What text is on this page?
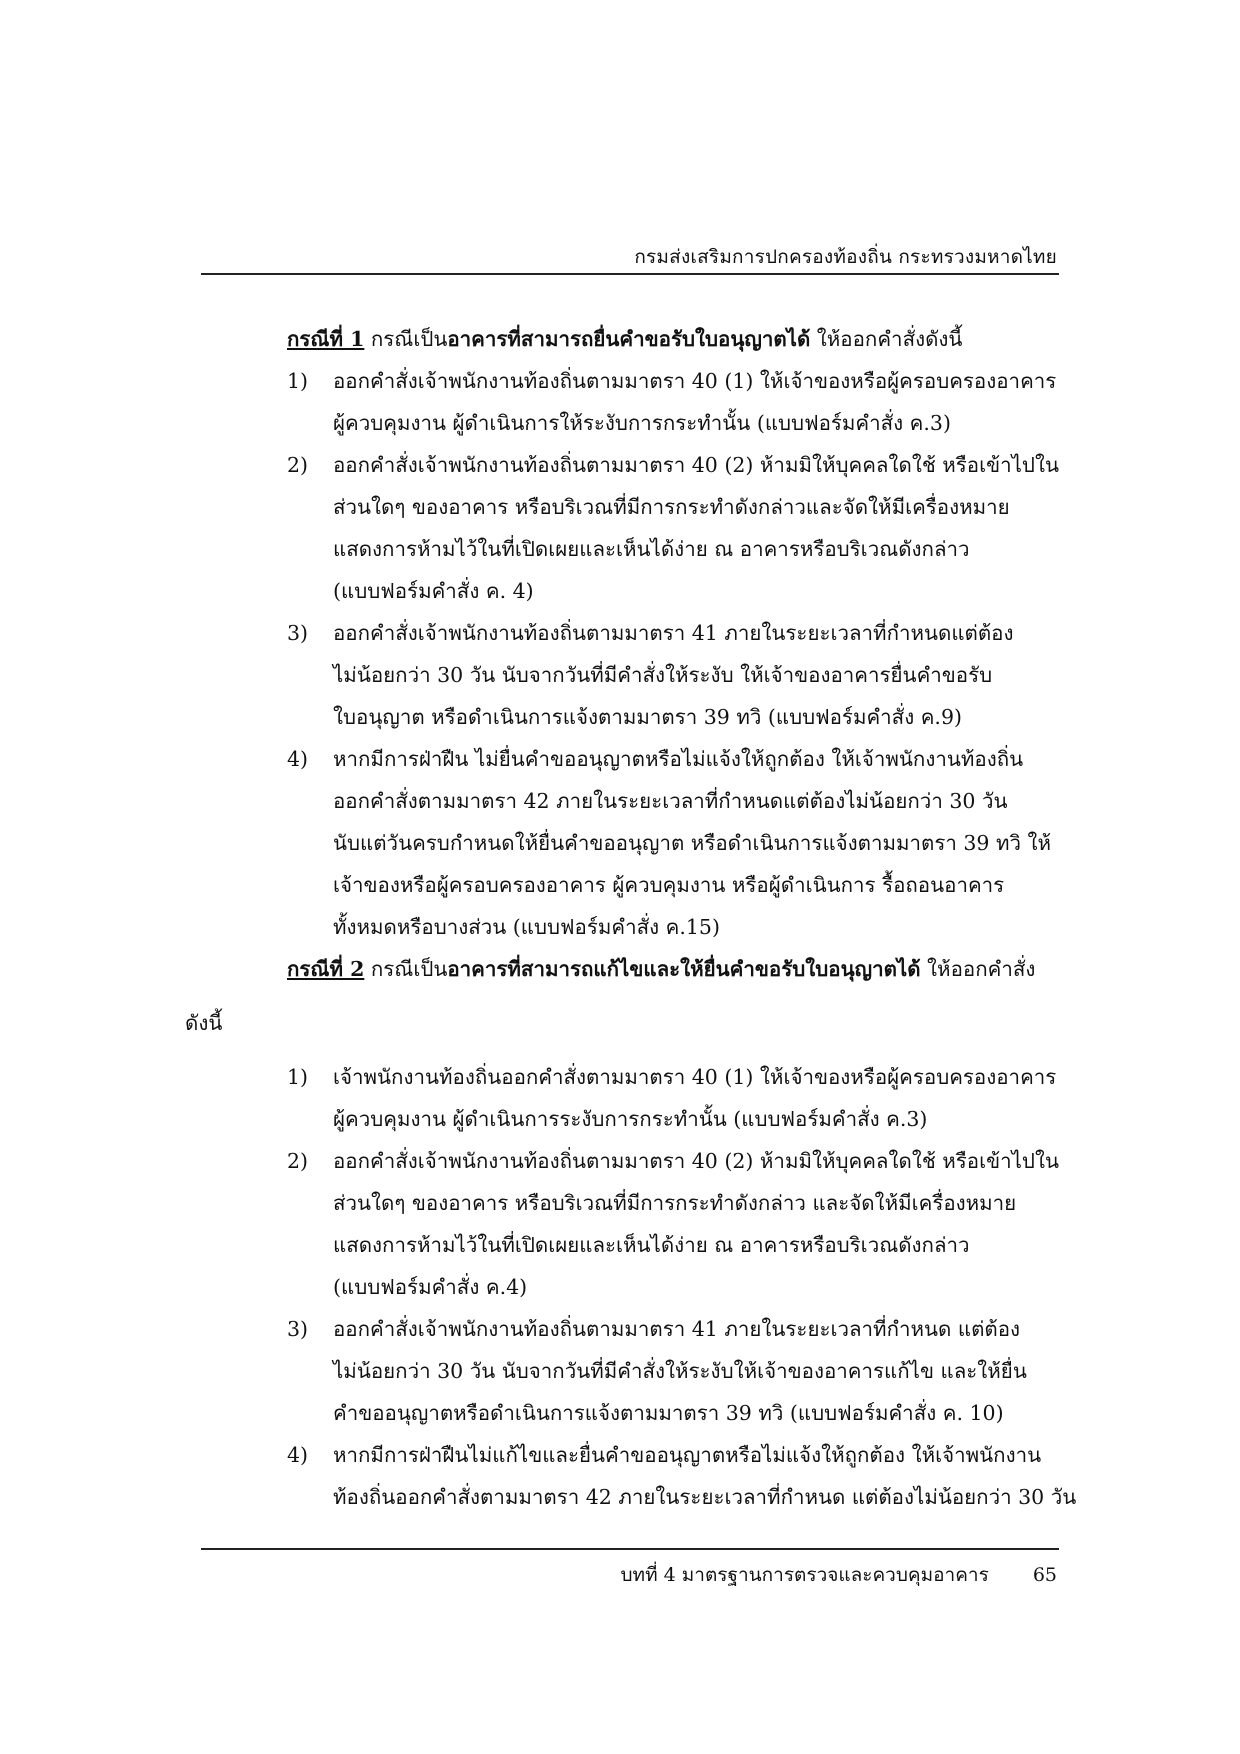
กรมส่งเสริมการปกครองท้องถิ่น กระทรวงมหาดไทย
กรณีที่ 1 กรณีเป็นอาคารที่สามารถยื่นคำขอรับใบอนุญาตได้ ให้ออกคำสั่งดังนี้
1) ออกคำสั่งเจ้าพนักงานท้องถิ่นตามมาตรา 40 (1) ให้เจ้าของหรือผู้ครอบครองอาคาร
ผู้ควบคุมงาน ผู้ดำเนินการให้ระงับการกระทำนั้น (แบบฟอร์มคำสั่ง ค.3)
2) ออกคำสั่งเจ้าพนักงานท้องถิ่นตามมาตรา 40 (2) ห้ามมิให้บุคคลใดใช้ หรือเข้าไปใน
ส่วนใดๆ ของอาคาร หรือบริเวณที่มีการกระทำดังกล่าวและจัดให้มีเครื่องหมาย
แสดงการห้ามไว้ในที่เปิดเผยและเห็นได้ง่าย ณ อาคารหรือบริเวณดังกล่าว
(แบบฟอร์มคำสั่ง ค. 4)
3) ออกคำสั่งเจ้าพนักงานท้องถิ่นตามมาตรา 41 ภายในระยะเวลาที่กำหนดแต่ต้อง
ไม่น้อยกว่า 30 วัน นับจากวันที่มีคำสั่งให้ระงับ ให้เจ้าของอาคารยื่นคำขอรับ
ใบอนุญาต หรือดำเนินการแจ้งตามมาตรา 39 ทวิ (แบบฟอร์มคำสั่ง ค.9)
4) หากมีการฝ่าฝืน ไม่ยื่นคำขออนุญาตหรือไม่แจ้งให้ถูกต้อง ให้เจ้าพนักงานท้องถิ่น
ออกคำสั่งตามมาตรา 42 ภายในระยะเวลาที่กำหนดแต่ต้องไม่น้อยกว่า 30 วัน
นับแต่วันครบกำหนดให้ยื่นคำขออนุญาต หรือดำเนินการแจ้งตามมาตรา 39 ทวิ ให้
เจ้าของหรือผู้ครอบครองอาคาร ผู้ควบคุมงาน หรือผู้ดำเนินการ รื้อถอนอาคาร
ทั้งหมดหรือบางส่วน (แบบฟอร์มคำสั่ง ค.15)
กรณีที่ 2 กรณีเป็นอาคารที่สามารถแก้ไขและให้ยื่นคำขอรับใบอนุญาตได้ ให้ออกคำสั่ง
ดังนี้
1) เจ้าพนักงานท้องถิ่นออกคำสั่งตามมาตรา 40 (1) ให้เจ้าของหรือผู้ครอบครองอาคาร
ผู้ควบคุมงาน ผู้ดำเนินการระงับการกระทำนั้น (แบบฟอร์มคำสั่ง ค.3)
2) ออกคำสั่งเจ้าพนักงานท้องถิ่นตามมาตรา 40 (2) ห้ามมิให้บุคคลใดใช้ หรือเข้าไปใน
ส่วนใดๆ ของอาคาร หรือบริเวณที่มีการกระทำดังกล่าว และจัดให้มีเครื่องหมาย
แสดงการห้ามไว้ในที่เปิดเผยและเห็นได้ง่าย ณ อาคารหรือบริเวณดังกล่าว
(แบบฟอร์มคำสั่ง ค.4)
3) ออกคำสั่งเจ้าพนักงานท้องถิ่นตามมาตรา 41 ภายในระยะเวลาที่กำหนด แต่ต้อง
ไม่น้อยกว่า 30 วัน นับจากวันที่มีคำสั่งให้ระงับให้เจ้าของอาคารแก้ไข และให้ยื่น
คำขออนุญาตหรือดำเนินการแจ้งตามมาตรา 39 ทวิ (แบบฟอร์มคำสั่ง ค. 10)
4) หากมีการฝ่าฝืนไม่แก้ไขและยื่นคำขออนุญาตหรือไม่แจ้งให้ถูกต้อง ให้เจ้าพนักงาน
ท้องถิ่นออกคำสั่งตามมาตรา 42 ภายในระยะเวลาที่กำหนด แต่ต้องไม่น้อยกว่า 30 วัน
บทที่ 4 มาตรฐานการตรวจและควบคุมอาคาร 65
